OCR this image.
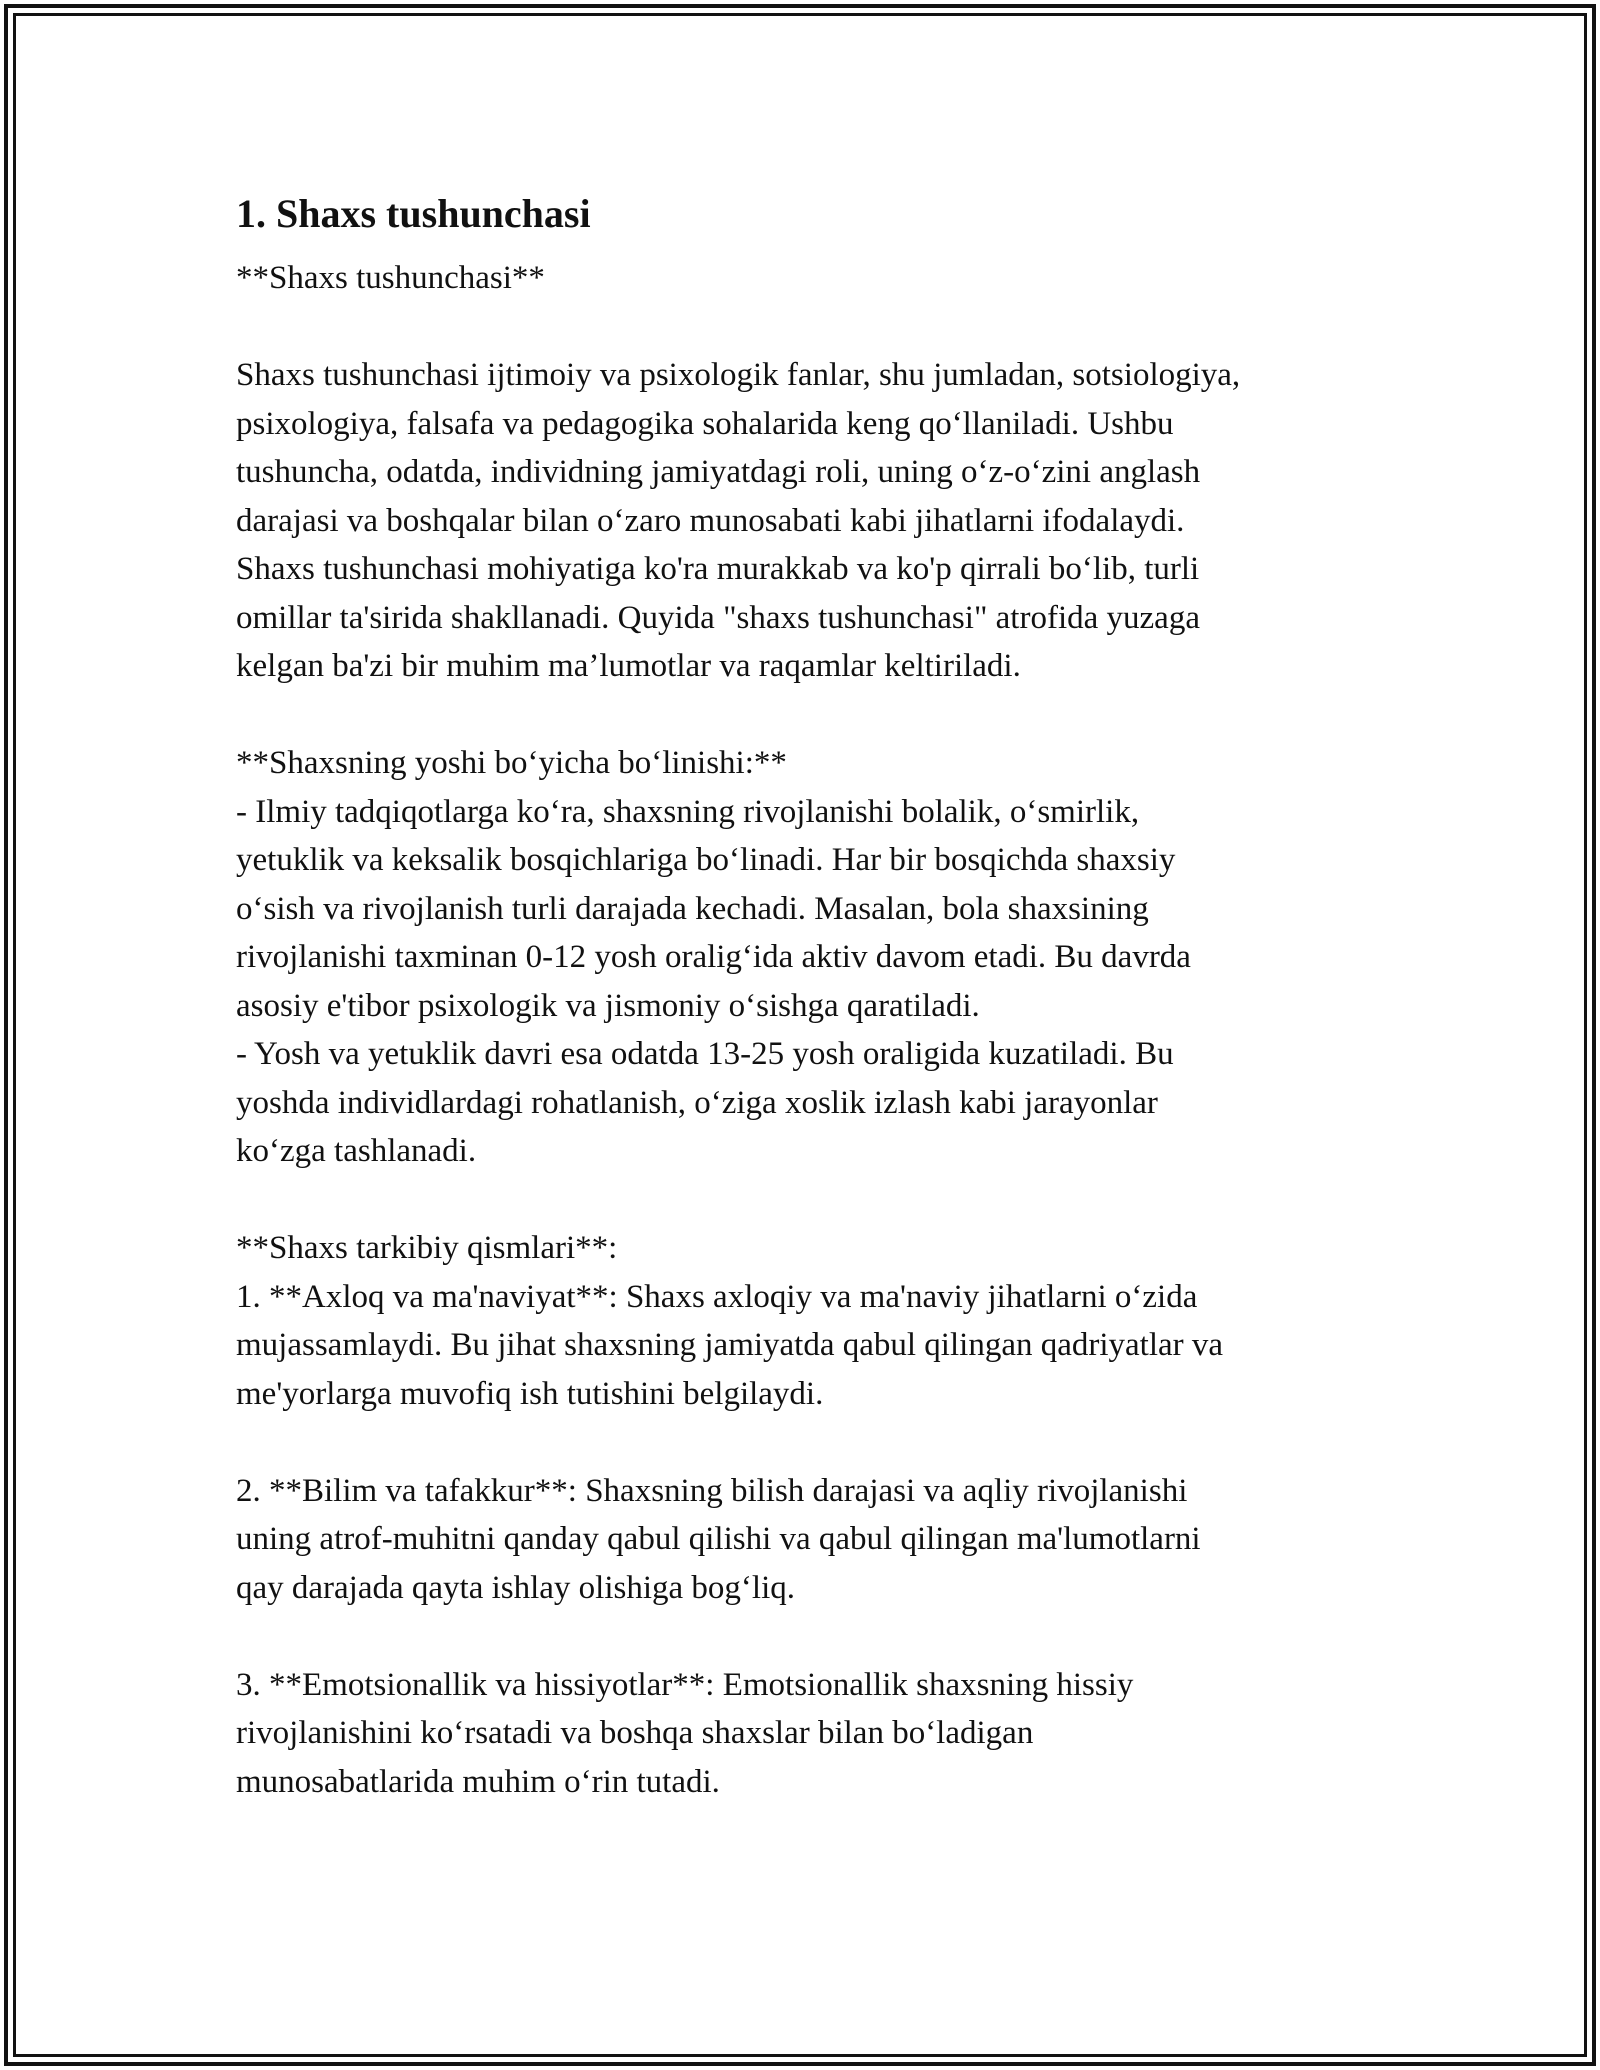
1. Shaxs tushunchasi
**Shaxs tushunchasi**

Shaxs tushunchasi ijtimoiy va psixologik fanlar, shu jumladan, sotsiologiya,
psixologiya, falsafa va pedagogika sohalarida keng qo‘llaniladi. Ushbu
tushuncha, odatda, individning jamiyatdagi roli, uning o‘z-o‘zini anglash
darajasi va boshqalar bilan o‘zaro munosabati kabi jihatlarni ifodalaydi.
Shaxs tushunchasi mohiyatiga ko'ra murakkab va ko'p qirrali bo‘lib, turli
omillar ta'sirida shakllanadi. Quyida "shaxs tushunchasi" atrofida yuzaga
kelgan ba'zi bir muhim ma’lumotlar va raqamlar keltiriladi.

**Shaxsning yoshi bo‘yicha bo‘linishi:**
- Ilmiy tadqiqotlarga ko‘ra, shaxsning rivojlanishi bolalik, o‘smirlik,
yetuklik va keksalik bosqichlariga bo‘linadi. Har bir bosqichda shaxsiy
o‘sish va rivojlanish turli darajada kechadi. Masalan, bola shaxsining
rivojlanishi taxminan 0-12 yosh oralig‘ida aktiv davom etadi. Bu davrda
asosiy e'tibor psixologik va jismoniy o‘sishga qaratiladi.
- Yosh va yetuklik davri esa odatda 13-25 yosh oraligida kuzatiladi. Bu
yoshda individlardagi rohatlanish, o‘ziga xoslik izlash kabi jarayonlar
ko‘zga tashlanadi.

**Shaxs tarkibiy qismlari**:
1. **Axloq va ma'naviyat**: Shaxs axloqiy va ma'naviy jihatlarni o‘zida
mujassamlaydi. Bu jihat shaxsning jamiyatda qabul qilingan qadriyatlar va
me'yorlarga muvofiq ish tutishini belgilaydi.

2. **Bilim va tafakkur**: Shaxsning bilish darajasi va aqliy rivojlanishi
uning atrof-muhitni qanday qabul qilishi va qabul qilingan ma'lumotlarni
qay darajada qayta ishlay olishiga bog‘liq.

3. **Emotsionallik va hissiyotlar**: Emotsionallik shaxsning hissiy
rivojlanishini ko‘rsatadi va boshqa shaxslar bilan bo‘ladigan
munosabatlarida muhim o‘rin tutadi.
